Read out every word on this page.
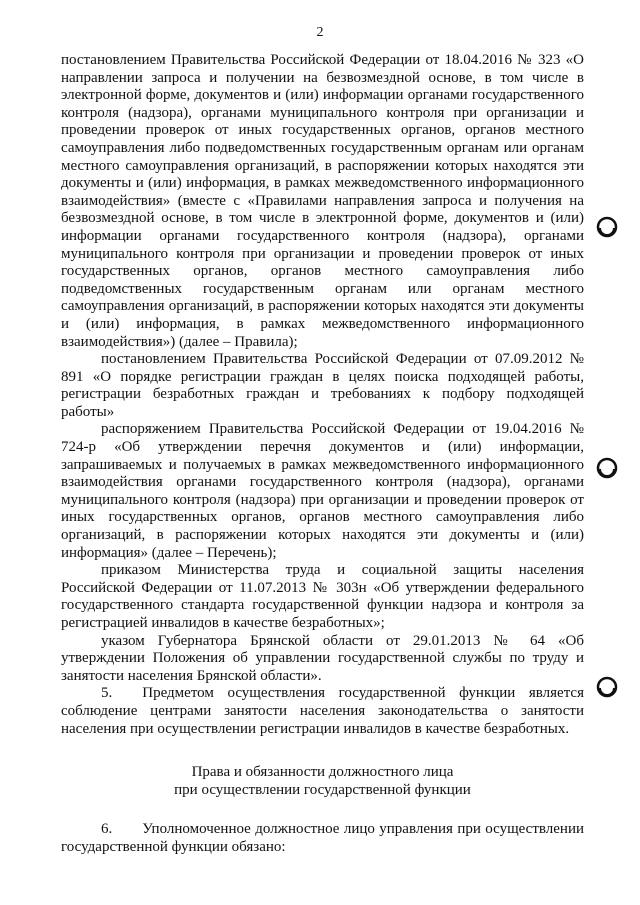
2

постановлением Правительства Российской Федерации от 18.04.2016 № 323 «О направлении запроса и получении на безвозмездной основе, в том числе в электронной форме, документов и (или) информации органами государственного контроля (надзора), органами муниципального контроля при организации и проведении проверок от иных государственных органов, органов местного самоуправления либо подведомственных государственным органам или органам местного самоуправления организаций, в распоряжении которых находятся эти документы и (или) информация, в рамках межведомственного информационного взаимодействия» (вместе с «Правилами направления запроса и получения на безвозмездной основе, в том числе в электронной форме, документов и (или) информации органами государственного контроля (надзора), органами муниципального контроля при организации и проведении проверок от иных государственных органов, органов местного самоуправления либо подведомственных государственным органам или органам местного самоуправления организаций, в распоряжении которых находятся эти документы и (или) информация, в рамках межведомственного информационного взаимодействия») (далее – Правила);

постановлением Правительства Российской Федерации от 07.09.2012 № 891 «О порядке регистрации граждан в целях поиска подходящей работы, регистрации безработных граждан и требованиях к подбору подходящей работы»

распоряжением Правительства Российской Федерации от 19.04.2016 № 724-р «Об утверждении перечня документов и (или) информации, запрашиваемых и получаемых в рамках межведомственного информационного взаимодействия органами государственного контроля (надзора), органами муниципального контроля (надзора) при организации и проведении проверок от иных государственных органов, органов местного самоуправления либо организаций, в распоряжении которых находятся эти документы и (или) информация» (далее – Перечень);

приказом Министерства труда и социальной защиты населения Российской Федерации от 11.07.2013 № 303н «Об утверждении федерального государственного стандарта государственной функции надзора и контроля за регистрацией инвалидов в качестве безработных»;

указом Губернатора Брянской области от 29.01.2013 № 64 «Об утверждении Положения об управлении государственной службы по труду и занятости населения Брянской области».

5.  Предметом осуществления государственной функции является соблюдение центрами занятости населения законодательства о занятости населения при осуществлении регистрации инвалидов в качестве безработных.

Права и обязанности должностного лица
при осуществлении государственной функции

6.  Уполномоченное должностное лицо управления при осуществлении государственной функции обязано:
